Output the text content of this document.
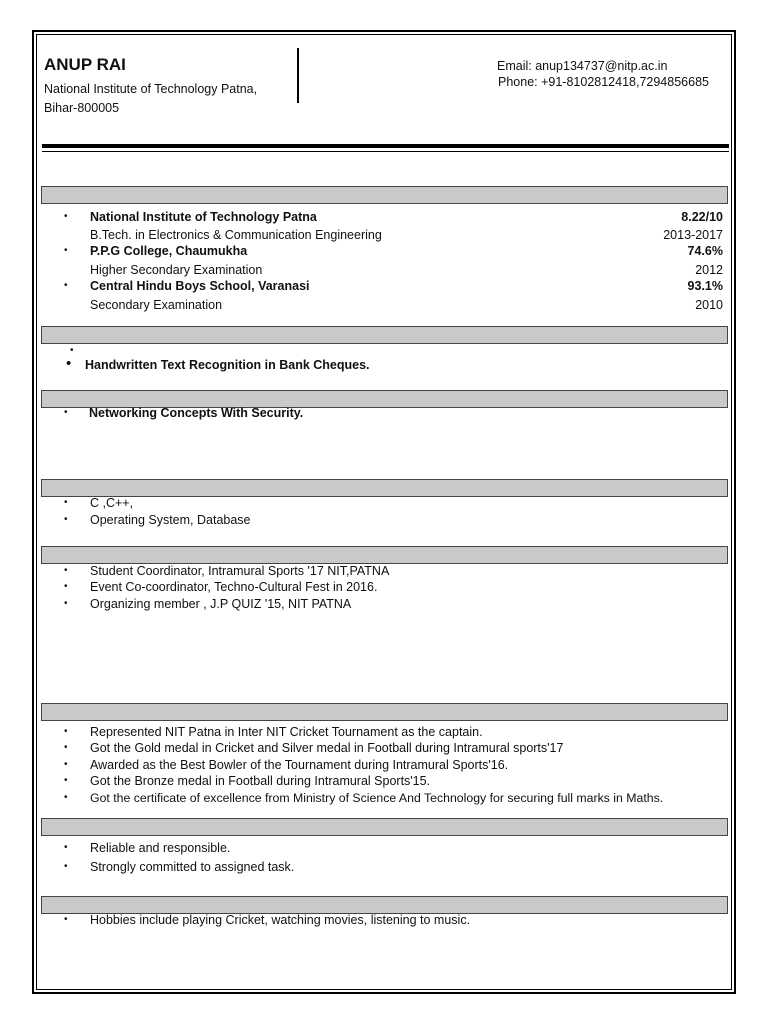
ANUP RAI
National Institute of Technology Patna,
Bihar-800005
Email: anup134737@nitp.ac.in
Phone: +91-8102812418,7294856685
• National Institute of Technology Patna	8.22/10
B.Tech. in Electronics & Communication Engineering	2013-2017
• P.P.G College, Chaumukha	74.6%
Higher Secondary Examination	2012
• Central Hindu Boys School, Varanasi	93.1%
Secondary Examination	2010
•
• Handwritten Text Recognition in Bank Cheques.
• Networking Concepts With Security.
• C ,C++,
• Operating System, Database
• Student Coordinator, Intramural Sports '17 NIT,PATNA
• Event Co-coordinator, Techno-Cultural Fest in 2016.
• Organizing member , J.P QUIZ '15, NIT PATNA
• Represented NIT Patna in Inter NIT Cricket Tournament as the captain.
• Got the Gold medal in Cricket and Silver medal in Football during Intramural sports'17
• Awarded as the Best Bowler of the Tournament during Intramural Sports'16.
• Got the Bronze medal in Football during Intramural Sports'15.
• Got the certificate of excellence from Ministry of Science And Technology for securing full marks in Maths.
• Reliable and responsible.
• Strongly committed to assigned task.
• Hobbies include playing Cricket, watching movies, listening to music.
